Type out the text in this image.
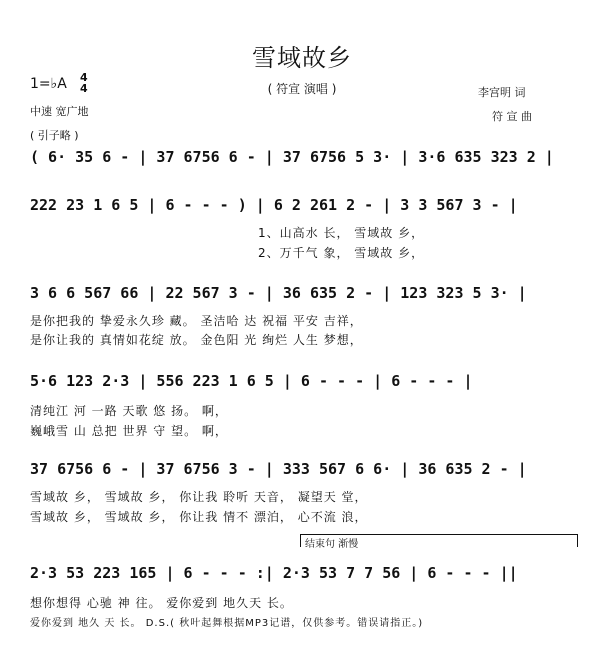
雪域故乡
( 符宣 演唱 )
1=♭A 4
4
中速 宽广地
李宫明 词
符 宣 曲
( 引子略 )
( 6· 35 6 - | 37 6756 6 - | 37 6756 5 3· | 3·6 635 323 2 |
222 23 1 6 5 | 6 - - - ) | 6 2 261 2 - | 3 3 567 3 - |
1、山高水 长， 雪域故 乡，
2、万千气 象， 雪域故 乡，
3 6 6 567 66 | 22 567 3 - | 36 635 2 - | 123 323 5 3· |
是你把我的 挚爱永久珍 藏。 圣洁哈 达 祝福 平安 吉祥，
是你让我的 真情如花绽 放。 金色阳 光 绚烂 人生 梦想，
5·6 123 2·3 | 556 223 1 6 5 | 6 - - - | 6 - - - |
清纯江 河 一路 天歌 悠 扬。 啊，
巍峨雪 山 总把 世界 守 望。 啊，
37 6756 6 - | 37 6756 3 - | 333 567 6 6· | 36 635 2 - |
雪域故 乡， 雪域故 乡， 你让我 聆听 天音， 凝望天 堂，
雪域故 乡， 雪域故 乡， 你让我 情不 漂泊， 心不流 浪，
结束句 渐慢
2·3 53 223 165 | 6 - - - :| 2·3 53 7 7 56 | 6 - - - ||
想你想得 心驰 神 往。 爱你爱到 地久天 长。
爱你爱到 地久 天 长。 D.S.( 秋叶起舞根据MP3记谱，仅供参考。错误请指正。)
